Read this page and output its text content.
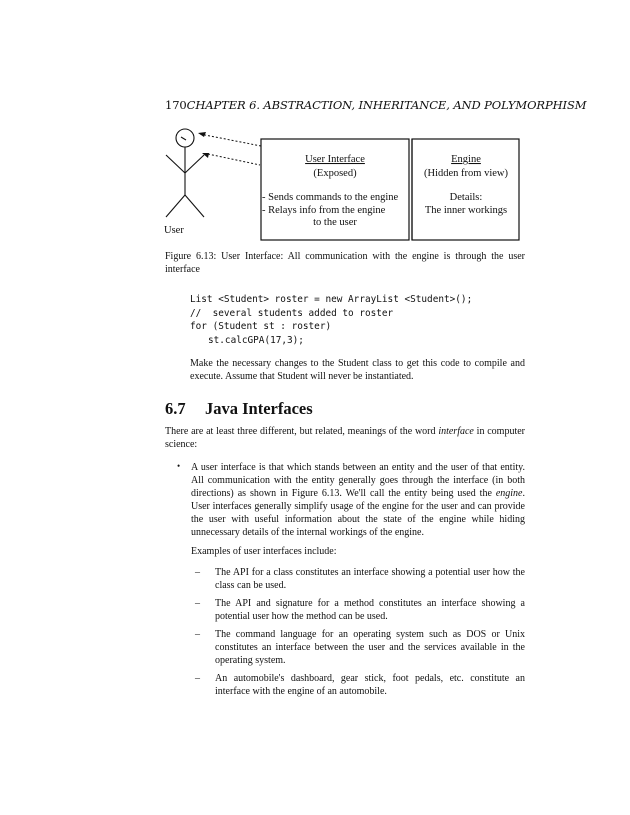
170CHAPTER 6. ABSTRACTION, INHERITANCE, AND POLYMORPHISM
User
User Interface
(Exposed)
- Sends commands to the engine
- Relays info from the engine
to the user
Engine
(Hidden from view)
Details:
The inner workings
Figure 6.13: User Interface: All communication with the engine is through the user interface
List <Student> roster = new ArrayList <Student>();
//  several students added to roster
for (Student st : roster)
st.calcGPA(17,3);
Make the necessary changes to the Student class to get this code to compile and execute. Assume that Student will never be instantiated.
6.7 Java Interfaces
There are at least three different, but related, meanings of the word interface in computer science:
• A user interface is that which stands between an entity and the user of that entity. All communication with the entity generally goes through the interface (in both directions) as shown in Figure 6.13. We'll call the entity being used the engine. User interfaces generally simplify usage of the engine for the user and can provide the user with useful information about the state of the engine while hiding unnecessary details of the internal workings of the engine.
Examples of user interfaces include:
– The API for a class constitutes an interface showing a potential user how the class can be used.
– The API and signature for a method constitutes an interface showing a potential user how the method can be used.
– The command language for an operating system such as DOS or Unix constitutes an interface between the user and the services available in the operating system.
– An automobile's dashboard, gear stick, foot pedals, etc. constitute an interface with the engine of an automobile.
